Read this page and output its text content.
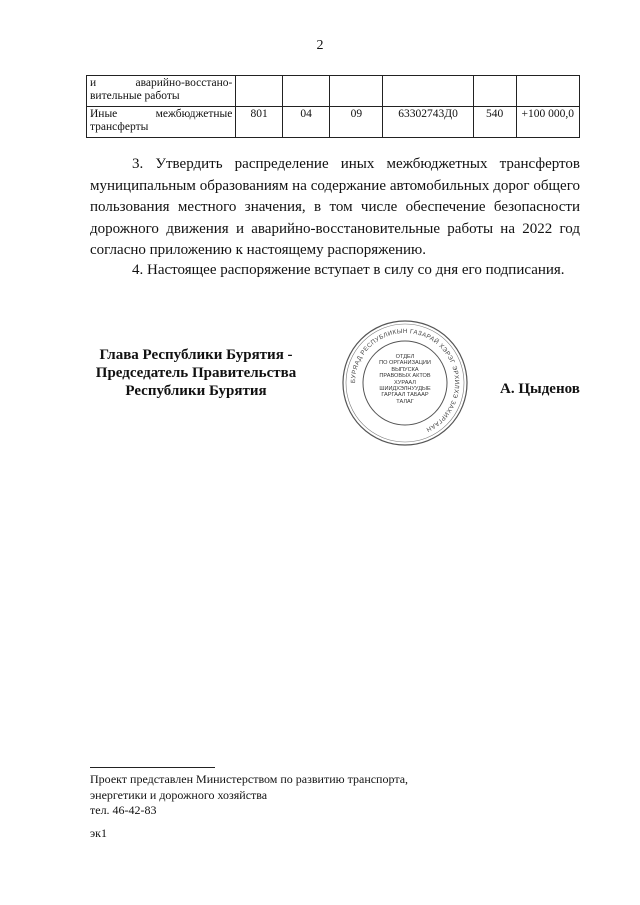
2
и аварийно-восстано-вительные работы						
Иные межбюджетные трансферты	801	04	09	63302743Д0	540	+100 000,0

3. Утвердить распределение иных межбюджетных трансфертов муниципальным образованиям на содержание автомобильных дорог общего пользования местного значения, в том числе обеспечение безопасности дорожного движения и аварийно-восстановительные работы на 2022 год согласно приложению к настоящему распоряжению.

4. Настоящее распоряжение вступает в силу со дня его подписания.

Глава Республики Бурятия -
Председатель Правительства
Республики Бурятия
БУРЯАД РЕСПУБЛИКЫН ГАЗАРАЙ ХЭРЭГ ЭРХИЛХЭ ЗАХИРГААН
ОТДЕЛ
ПО ОРГАНИЗАЦИИ
ВЫПУСКА
ПРАВОВЫХ АКТОВ
ХУРААЛ
ШИИДХЭЛНУУДЫЕ
ГАРГААЛ ТАБААР
ТАЛАГ
А. Цыденов
Проект представлен Министерством по развитию транспорта,
энергетики и дорожного хозяйства
тел. 46-42-83
эк1
